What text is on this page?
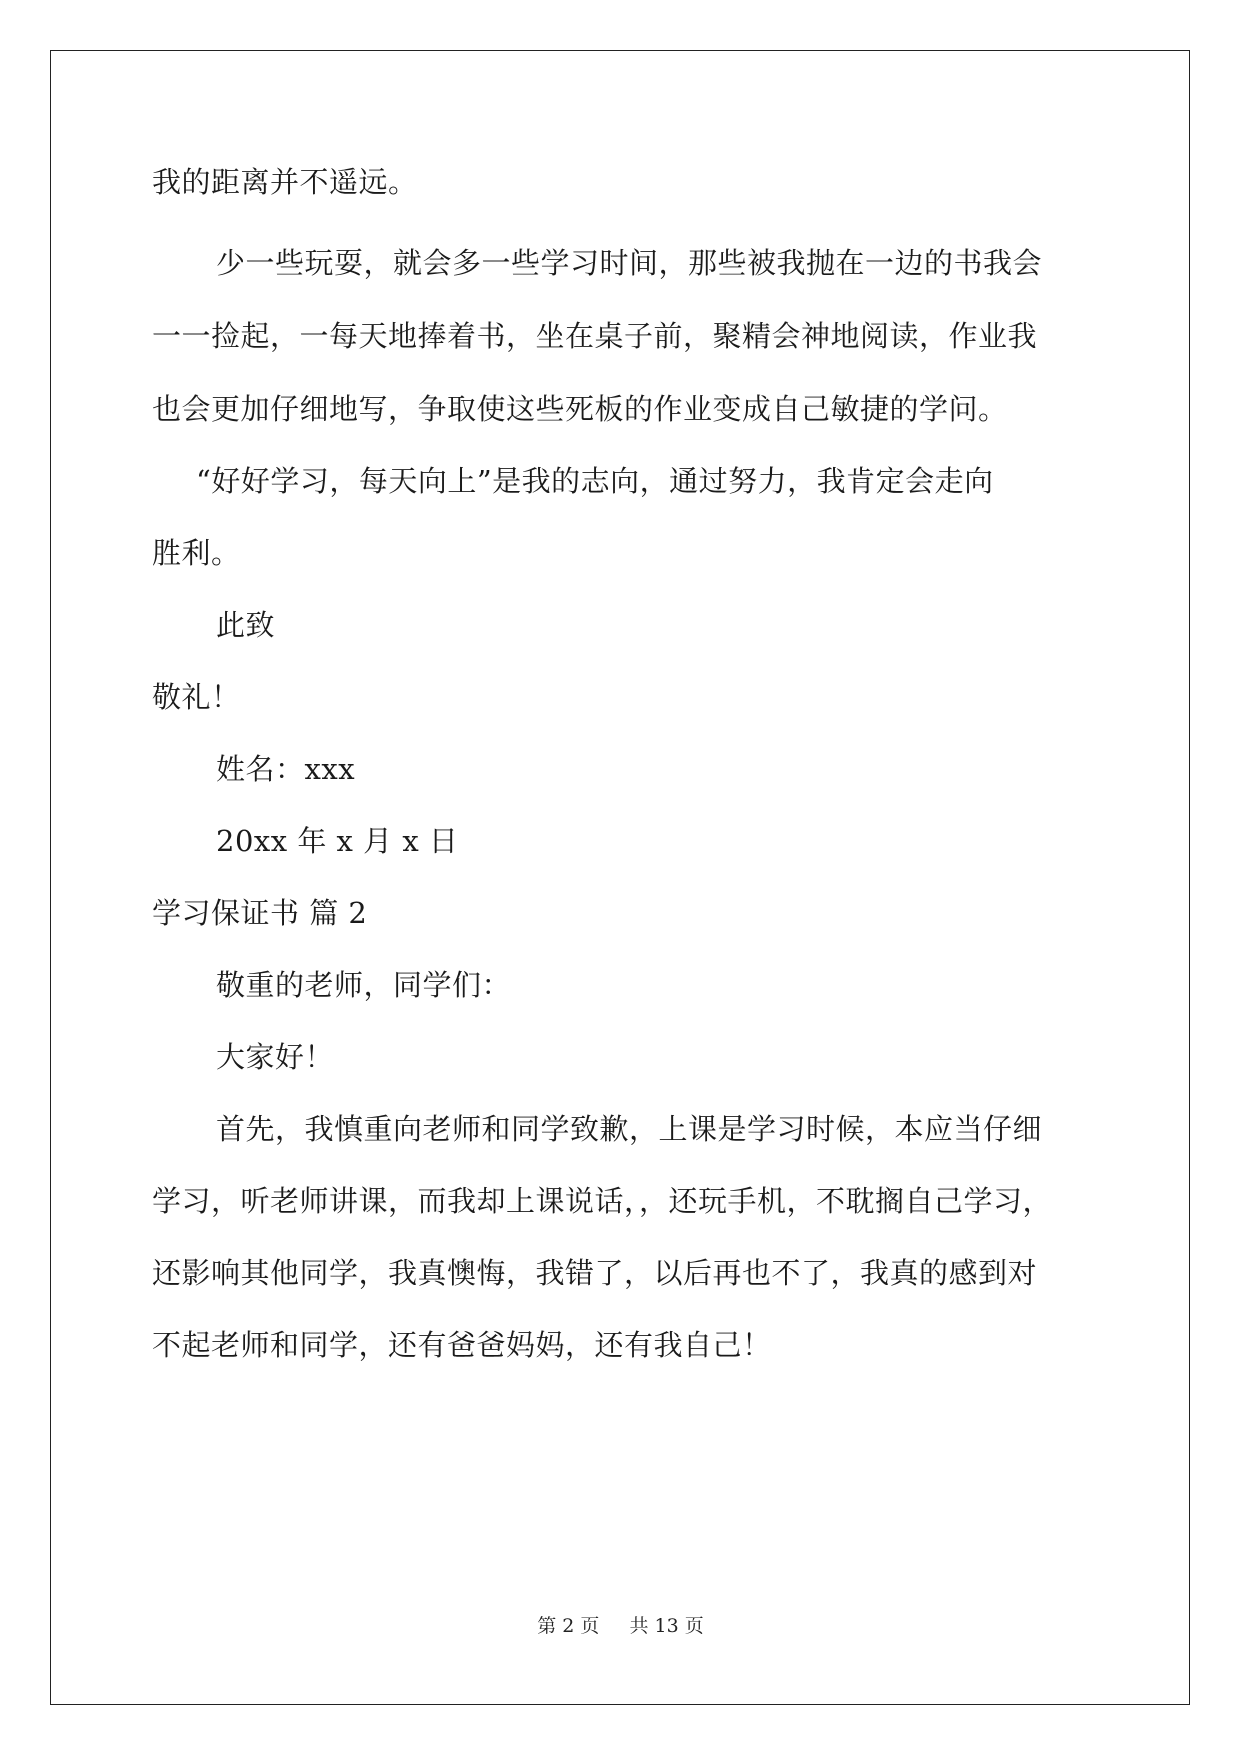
我的距离并不遥远。
少一些玩耍，就会多一些学习时间，那些被我抛在一边的书我会
一一捡起，一每天地捧着书，坐在桌子前，聚精会神地阅读，作业我
也会更加仔细地写，争取使这些死板的作业变成自己敏捷的学问。
“好好学习，每天向上”是我的志向，通过努力，我肯定会走向
胜利。
此致
敬礼！
姓名：xxx
20xx 年 x 月 x 日
学习保证书 篇 2
敬重的老师，同学们：
大家好！
首先，我慎重向老师和同学致歉，上课是学习时候，本应当仔细
学习，听老师讲课，而我却上课说话，，还玩手机，不耽搁自己学习，
还影响其他同学，我真懊悔，我错了，以后再也不了，我真的感到对
不起老师和同学，还有爸爸妈妈，还有我自己！
第 2 页 共 13 页
